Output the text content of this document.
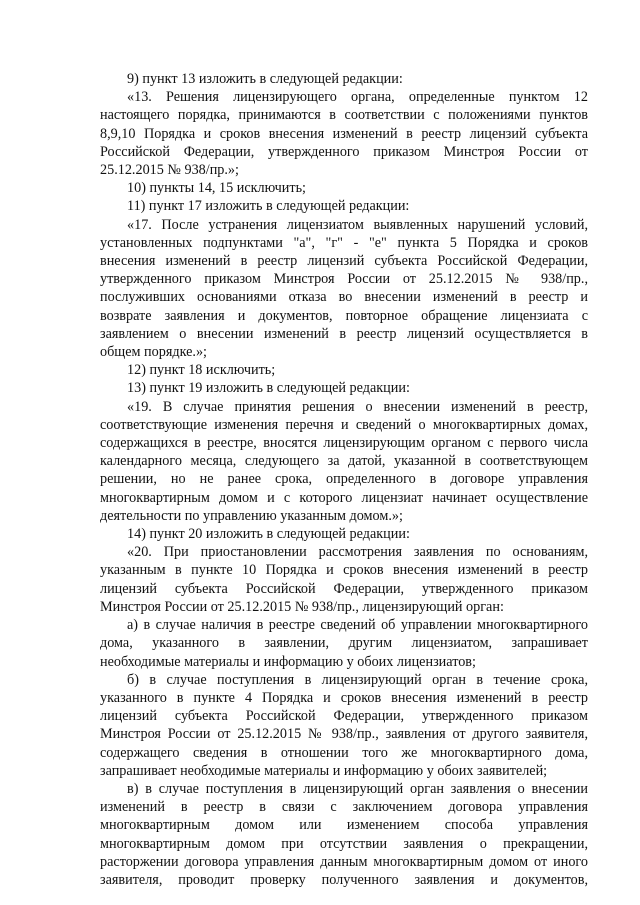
9) пункт 13 изложить в следующей редакции:
«13. Решения лицензирующего органа, определенные пунктом 12
настоящего порядка, принимаются в соответствии с положениями пунктов
8,9,10 Порядка и сроков внесения изменений в реестр лицензий субъекта
Российской Федерации, утвержденного приказом Минстроя России от
25.12.2015 № 938/пр.»;
10) пункты 14, 15 исключить;
11) пункт 17 изложить в следующей редакции:
«17. После устранения лицензиатом выявленных нарушений условий,
установленных подпунктами "а", "г" - "е" пункта 5 Порядка и сроков
внесения изменений в реестр лицензий субъекта Российской Федерации,
утвержденного приказом Минстроя России от 25.12.2015 № 938/пр.,
послуживших основаниями отказа во внесении изменений в реестр и
возврате заявления и документов, повторное обращение лицензиата с
заявлением о внесении изменений в реестр лицензий осуществляется в
общем порядке.»;
12) пункт 18 исключить;
13) пункт 19 изложить в следующей редакции:
«19. В случае принятия решения о внесении изменений в реестр,
соответствующие изменения перечня и сведений о многоквартирных домах,
содержащихся в реестре, вносятся лицензирующим органом с первого числа
календарного месяца, следующего за датой, указанной в соответствующем
решении, но не ранее срока, определенного в договоре управления
многоквартирным домом и с которого лицензиат начинает осуществление
деятельности по управлению указанным домом.»;
14) пункт 20 изложить в следующей редакции:
«20. При приостановлении рассмотрения заявления по основаниям,
указанным в пункте 10 Порядка и сроков внесения изменений в реестр
лицензий субъекта Российской Федерации, утвержденного приказом
Минстроя России от 25.12.2015 № 938/пр., лицензирующий орган:
а) в случае наличия в реестре сведений об управлении многоквартирного
дома, указанного в заявлении, другим лицензиатом, запрашивает
необходимые материалы и информацию у обоих лицензиатов;
б) в случае поступления в лицензирующий орган в течение срока,
указанного в пункте 4 Порядка и сроков внесения изменений в реестр
лицензий субъекта Российской Федерации, утвержденного приказом
Минстроя России от 25.12.2015 № 938/пр., заявления от другого заявителя,
содержащего сведения в отношении того же многоквартирного дома,
запрашивает необходимые материалы и информацию у обоих заявителей;
в) в случае поступления в лицензирующий орган заявления о внесении
изменений в реестр в связи с заключением договора управления
многоквартирным домом или изменением способа управления
многоквартирным домом при отсутствии заявления о прекращении,
расторжении договора управления данным многоквартирным домом от иного
заявителя, проводит проверку полученного заявления и документов,
